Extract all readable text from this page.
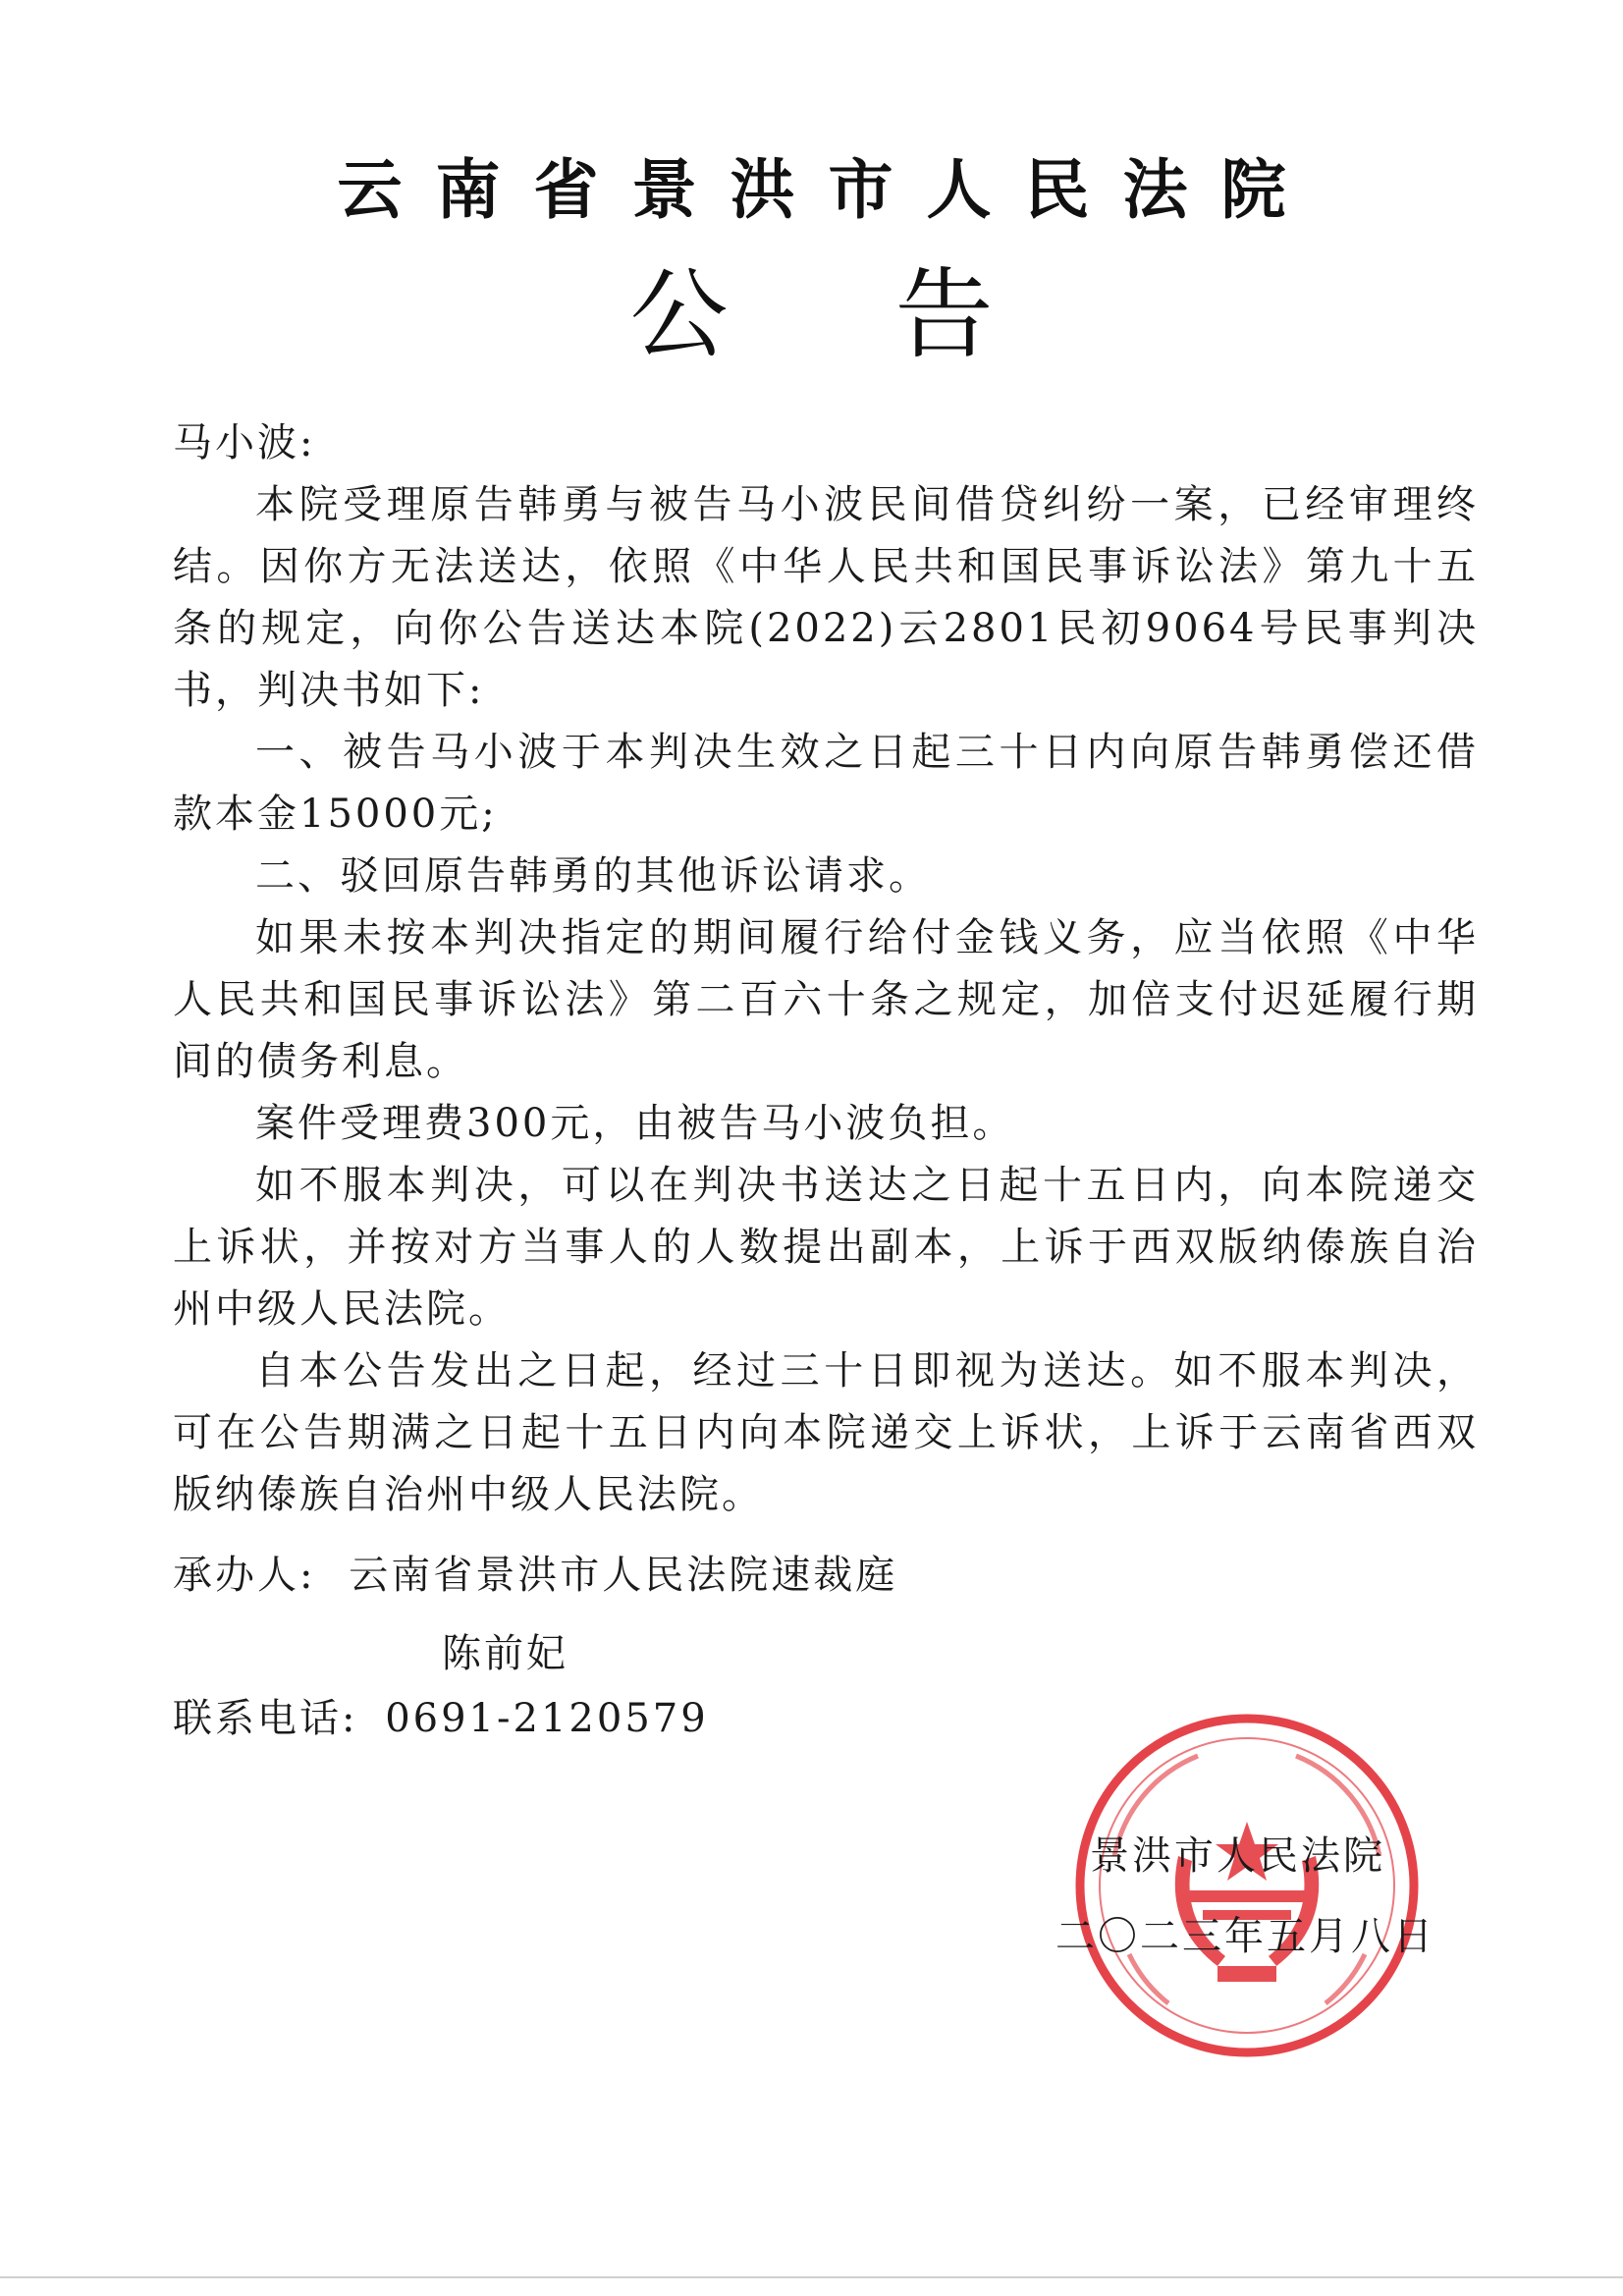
云南省景洪市人民法院
公告

马小波:

本院受理原告韩勇与被告马小波民间借贷纠纷一案，已经审理终结。因你方无法送达，依照《中华人民共和国民事诉讼法》第九十五条的规定，向你公告送达本院(2022)云2801民初9064号民事判决书，判决书如下:

一、被告马小波于本判决生效之日起三十日内向原告韩勇偿还借款本金15000元;

二、驳回原告韩勇的其他诉讼请求。

如果未按本判决指定的期间履行给付金钱义务，应当依照《中华人民共和国民事诉讼法》第二百六十条之规定，加倍支付迟延履行期间的债务利息。

案件受理费300元，由被告马小波负担。

如不服本判决，可以在判决书送达之日起十五日内，向本院递交上诉状，并按对方当事人的人数提出副本，上诉于西双版纳傣族自治州中级人民法院。

自本公告发出之日起，经过三十日即视为送达。如不服本判决，可在公告期满之日起十五日内向本院递交上诉状，上诉于云南省西双版纳傣族自治州中级人民法院。

承办人: 云南省景洪市人民法院速裁庭
陈前妃
联系电话: 0691-2120579
景洪市人民法院
二〇二三年五月八日
